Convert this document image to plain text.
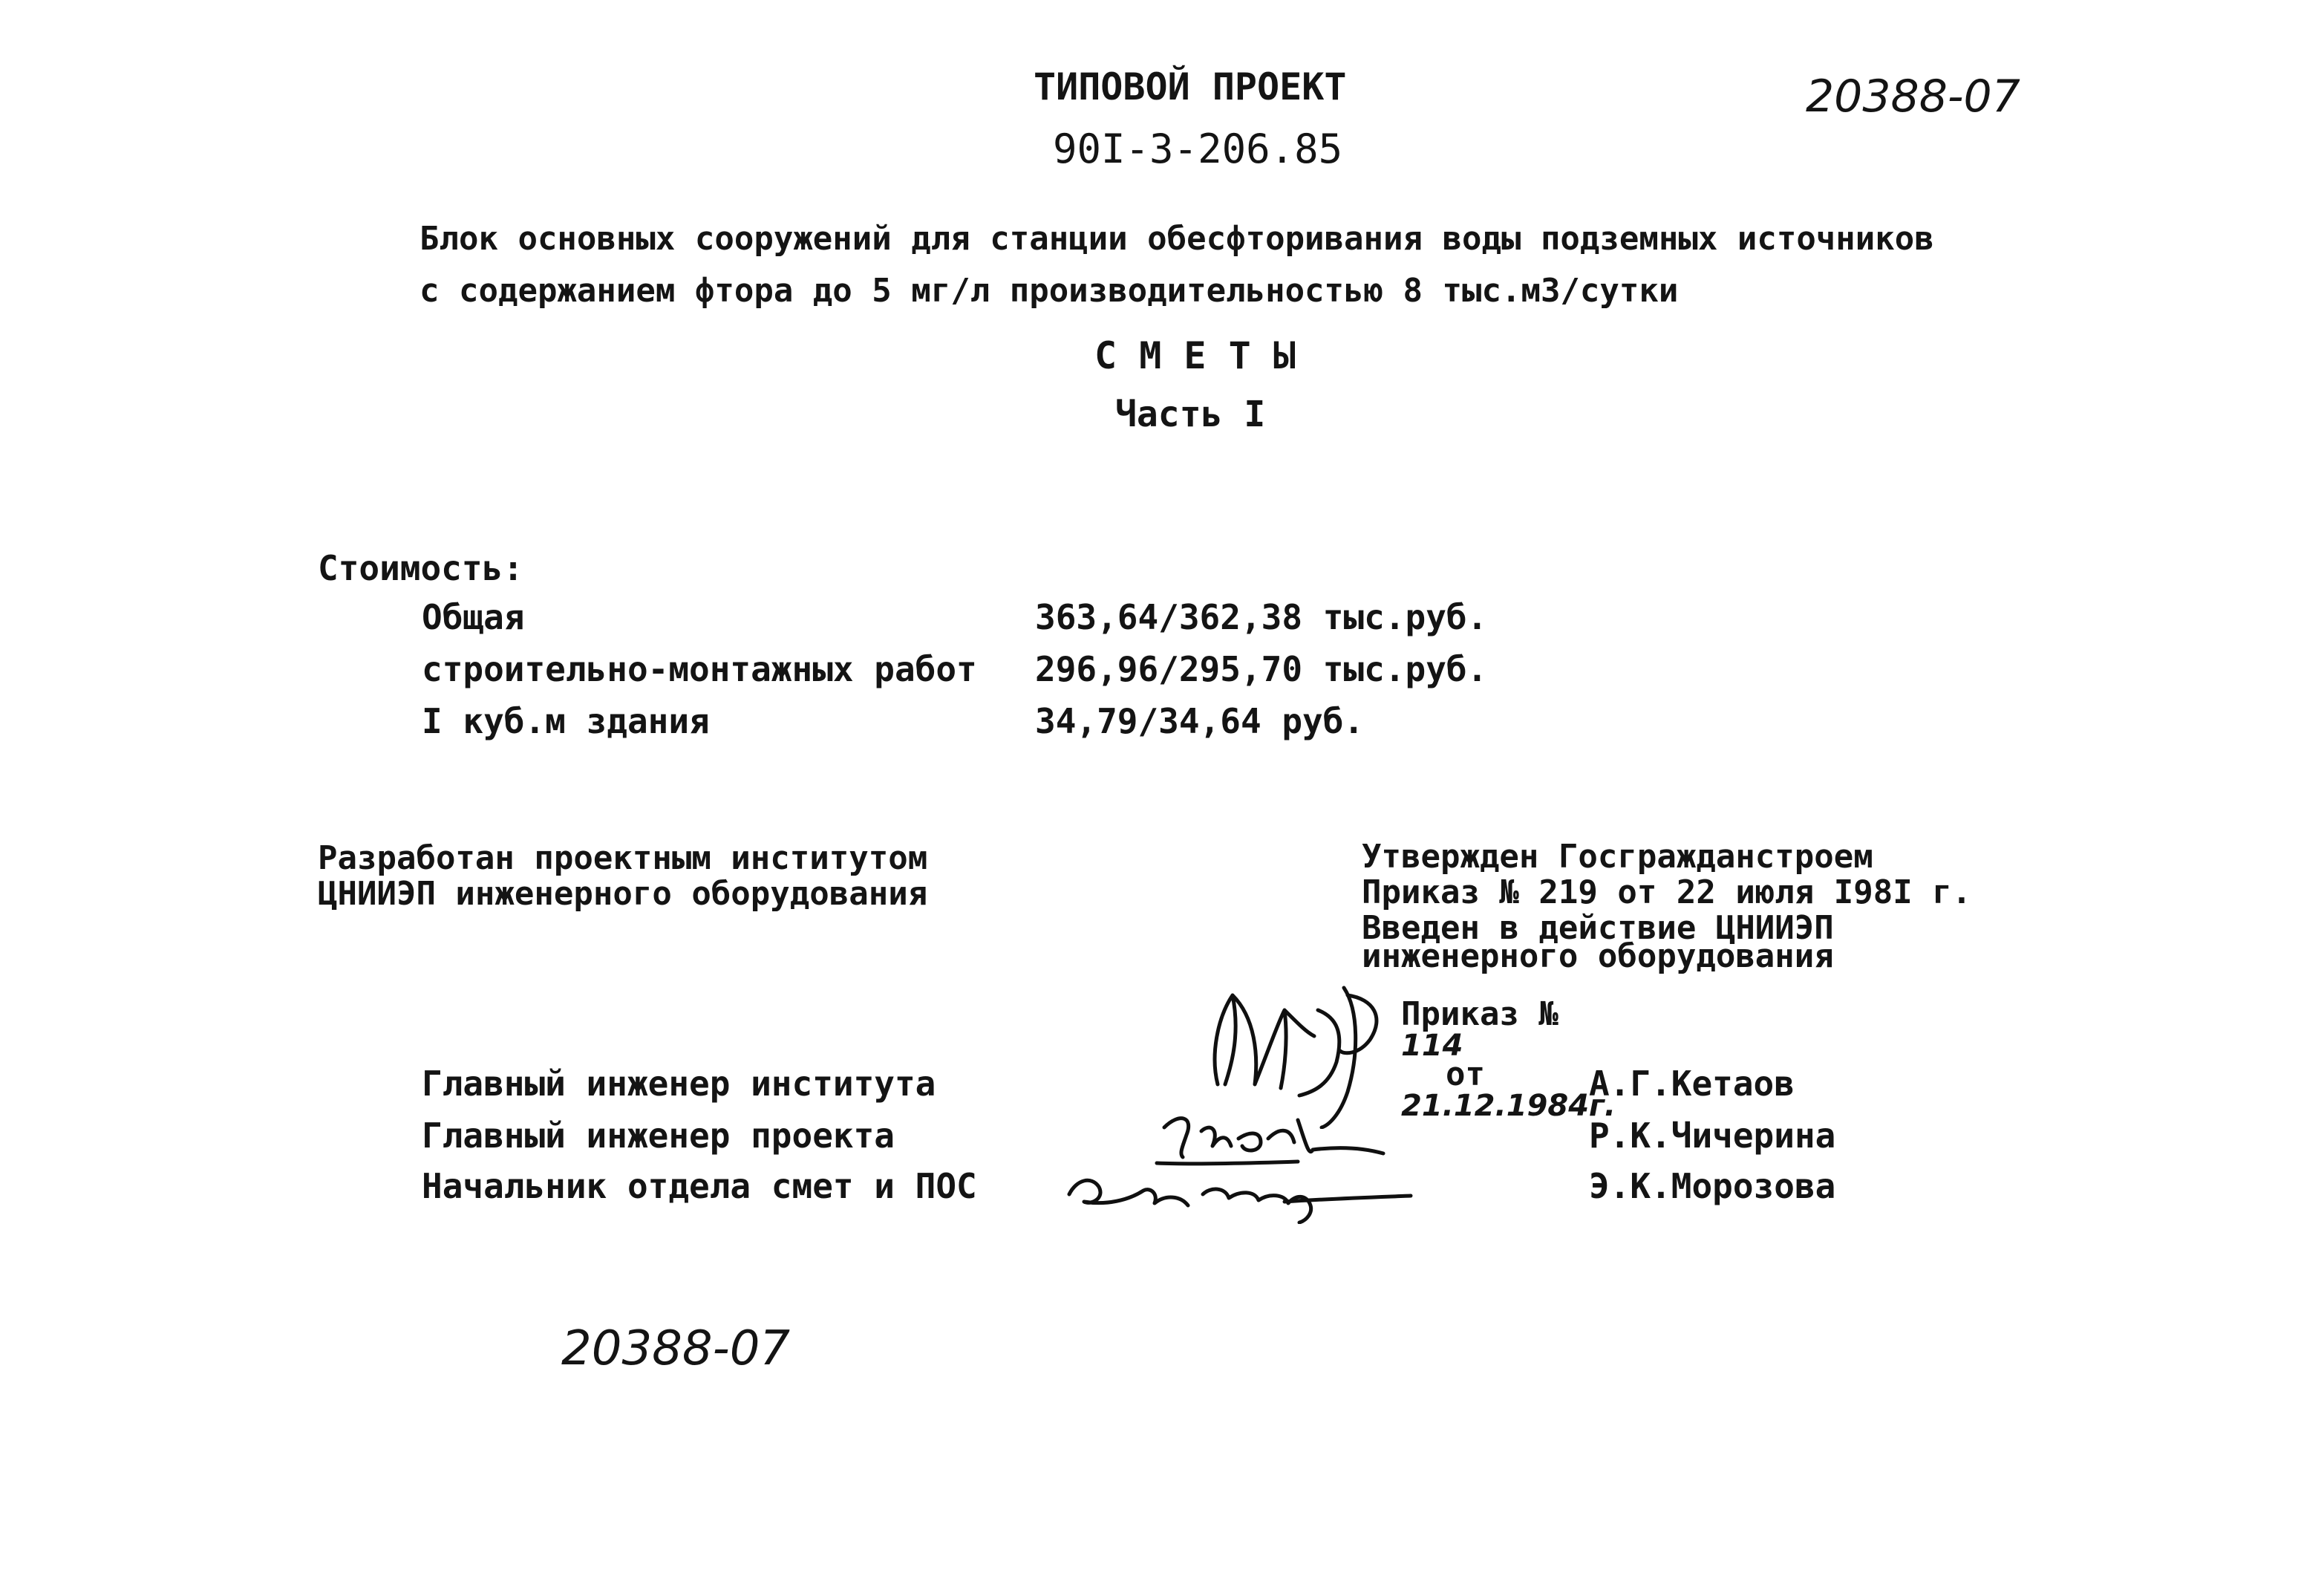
ТИПОВОЙ ПРОЕКТ
90I-3-206.85
20388-07
Блок основных сооружений для станции обесфторивания воды подземных источников
с содержанием фтора до 5 мг/л производительностью 8 тыс.м3/сутки
С М Е Т Ы
Часть I
Стоимость:
Общая	363,64/362,38 тыс.руб.
строительно-монтажных работ 296,96/295,70 тыс.руб.
I куб.м здания	34,79/34,64 руб.
Разработан проектным институтом
ЦНИИЭП инженерного оборудования
Утвержден Госгражданстроем
Приказ № 219 от 22 июля I98I г.
Введен в действие ЦНИИЭП
инженерного оборудования

Приказ №
114
от
21.12.1984г.

Главный инженер института
Главный инженер проекта
Начальник отдела смет и ПОС
А.Г.Кетаов
Р.К.Чичерина
Э.К.Морозова
20388-07
